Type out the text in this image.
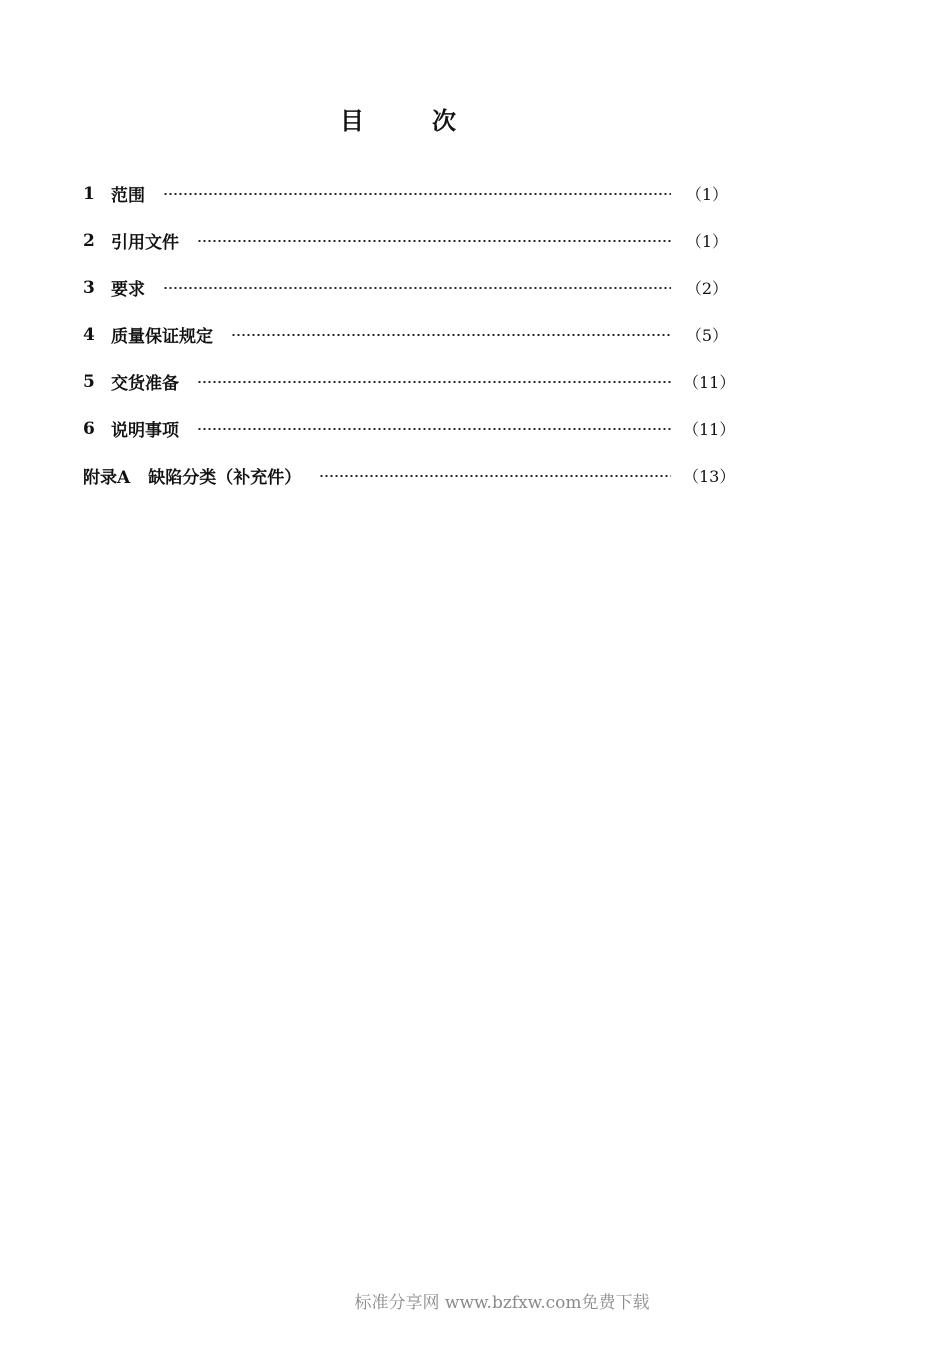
目　次
1 范围	（1）
2 引用文件	（1）
3 要求	（2）
4 质量保证规定	（5）
5 交货准备	（11）
6 说明事项	（11）
附录A 缺陷分类（补充件）	（13）
标准分享网 www.bzfxw.com免费下载
